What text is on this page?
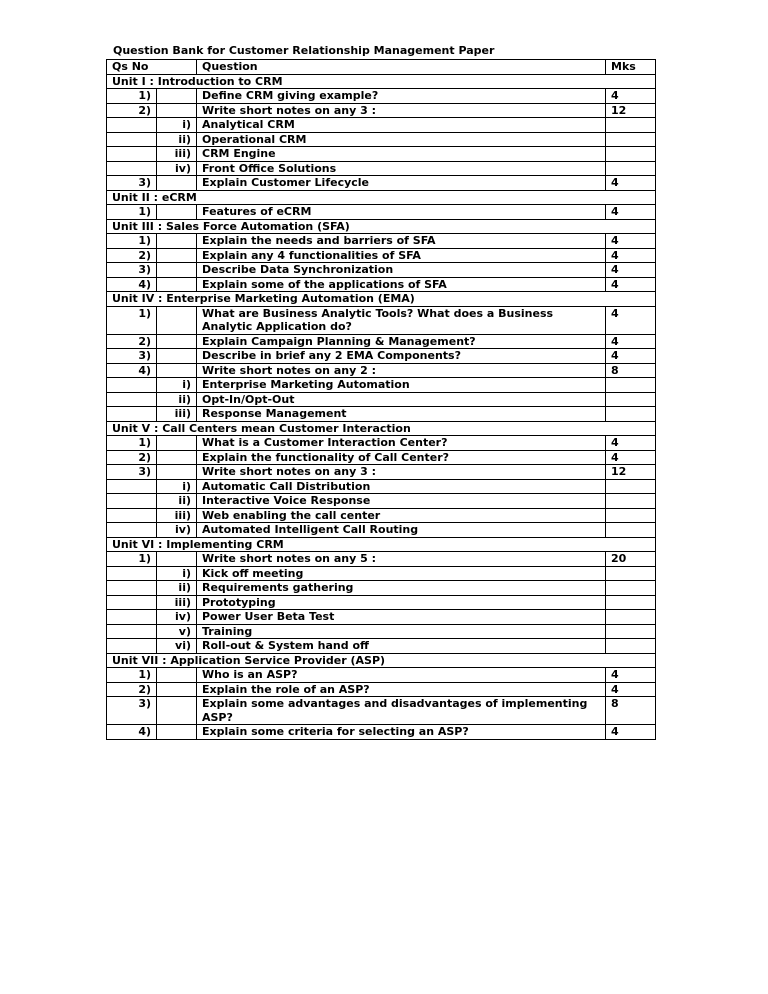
Question Bank for Customer Relationship Management Paper
Qs No		Question	Mks
Unit I : Introduction to CRM			
1)		Define CRM giving example?	4
2)		Write short notes on any 3 :	12
	i)	Analytical CRM	
	ii)	Operational CRM	
	iii)	CRM Engine	
	iv)	Front Office Solutions	
3)		Explain Customer Lifecycle	4
Unit II : eCRM			
1)		Features of eCRM	4
Unit III : Sales Force Automation (SFA)			
1)		Explain the needs and barriers of SFA	4
2)		Explain any 4 functionalities of SFA	4
3)		Describe Data Synchronization	4
4)		Explain some of the applications of SFA	4
Unit IV : Enterprise Marketing Automation (EMA)			
1)		What are Business Analytic Tools? What does a Business Analytic Application do?	4
2)		Explain Campaign Planning & Management?	4
3)		Describe in brief any 2 EMA Components?	4
4)		Write short notes on any 2 :	8
	i)	Enterprise Marketing Automation	
	ii)	Opt-In/Opt-Out	
	iii)	Response Management	
Unit V : Call Centers mean Customer Interaction			
1)		What is a Customer Interaction Center?	4
2)		Explain the functionality of Call Center?	4
3)		Write short notes on any 3 :	12
	i)	Automatic Call Distribution	
	ii)	Interactive Voice Response	
	iii)	Web enabling the call center	
	iv)	Automated Intelligent Call Routing	
Unit VI : Implementing CRM			
1)		Write short notes on any 5 :	20
	i)	Kick off meeting	
	ii)	Requirements gathering	
	iii)	Prototyping	
	iv)	Power User Beta Test	
	v)	Training	
	vi)	Roll-out & System hand off	
Unit VII : Application Service Provider (ASP)			
1)		Who is an ASP?	4
2)		Explain the role of an ASP?	4
3)		Explain some advantages and disadvantages of implementing ASP?	8
4)		Explain some criteria for selecting an ASP?	4
